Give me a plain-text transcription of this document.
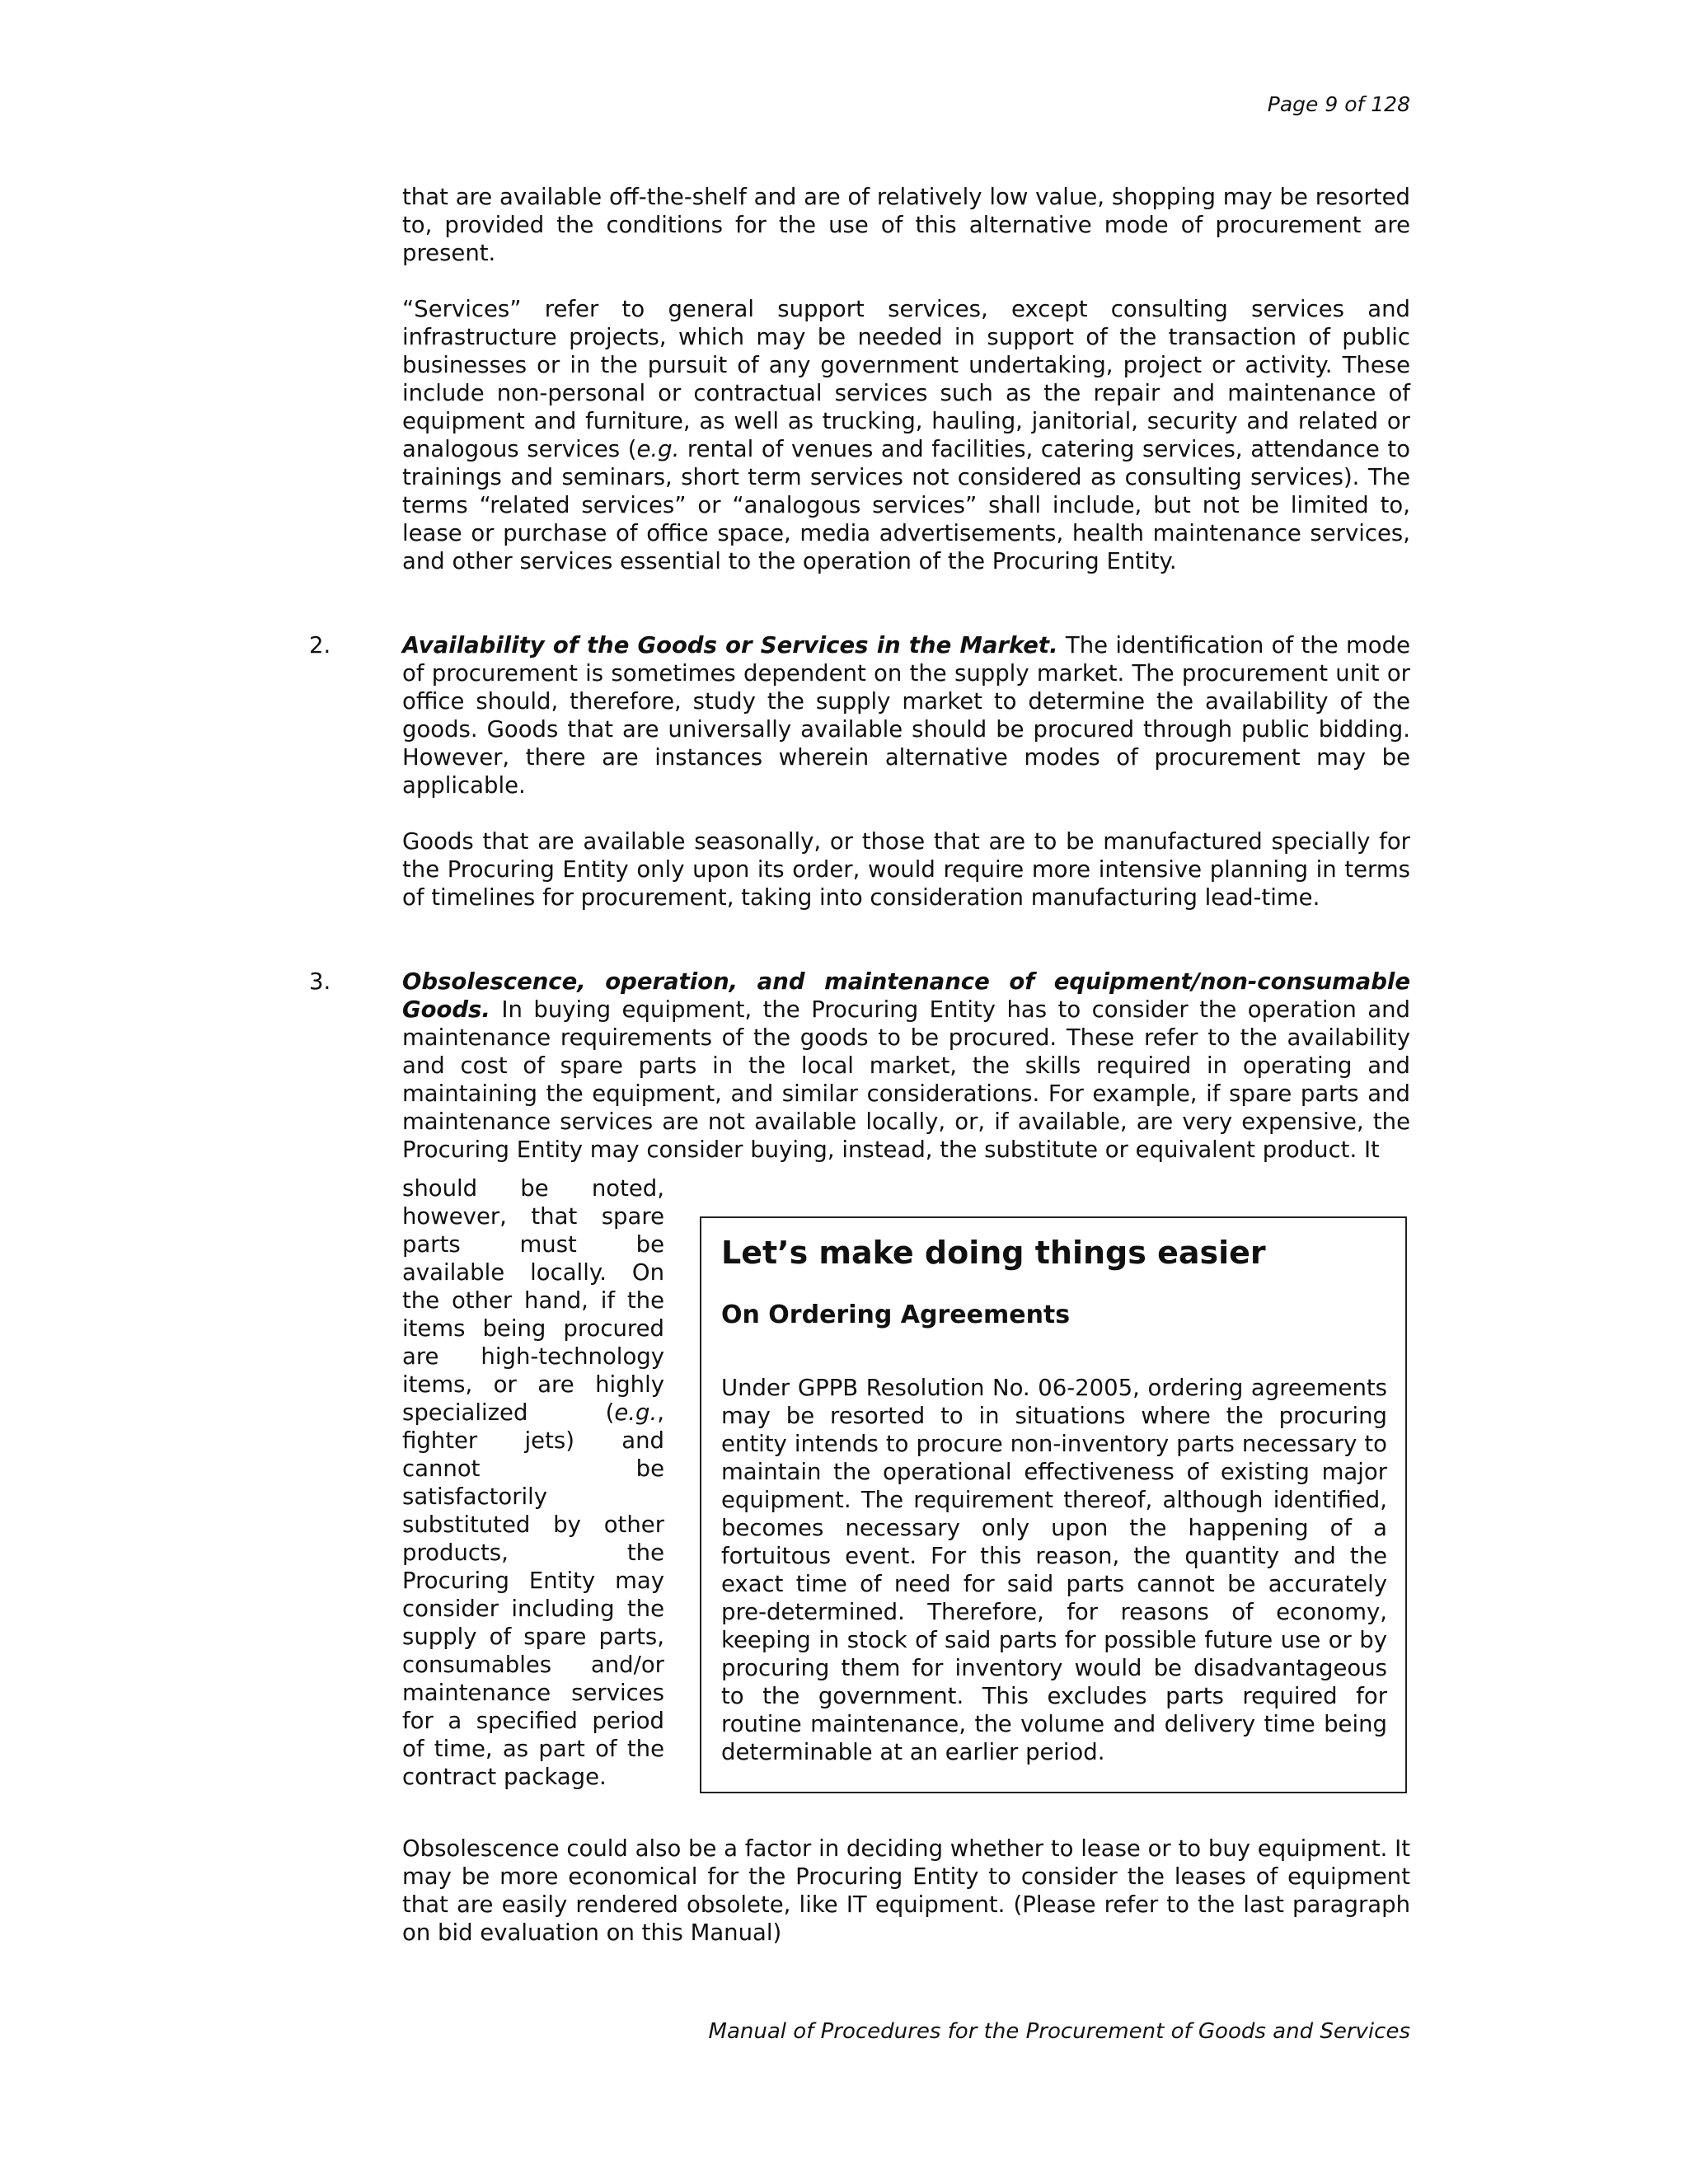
Page 9 of 128

that are available off-the-shelf and are of relatively low value, shopping may be resorted to, provided the conditions for the use of this alternative mode of procurement are present.

“Services” refer to general support services, except consulting services and infrastructure projects, which may be needed in support of the transaction of public businesses or in the pursuit of any government undertaking, project or activity. These include non-personal or contractual services such as the repair and maintenance of equipment and furniture, as well as trucking, hauling, janitorial, security and related or analogous services (e.g. rental of venues and facilities, catering services, attendance to trainings and seminars, short term services not considered as consulting services). The terms “related services” or “analogous services” shall include, but not be limited to, lease or purchase of office space, media advertisements, health maintenance services, and other services essential to the operation of the Procuring Entity.

2.	Availability of the Goods or Services in the Market. The identification of the mode of procurement is sometimes dependent on the supply market. The procurement unit or office should, therefore, study the supply market to determine the availability of the goods. Goods that are universally available should be procured through public bidding. However, there are instances wherein alternative modes of procurement may be applicable.

Goods that are available seasonally, or those that are to be manufactured specially for the Procuring Entity only upon its order, would require more intensive planning in terms of timelines for procurement, taking into consideration manufacturing lead-time.

3.	Obsolescence, operation, and maintenance of equipment/non-consumable Goods. In buying equipment, the Procuring Entity has to consider the operation and maintenance requirements of the goods to be procured. These refer to the availability and cost of spare parts in the local market, the skills required in operating and maintaining the equipment, and similar considerations. For example, if spare parts and maintenance services are not available locally, or, if available, are very expensive, the Procuring Entity may consider buying, instead, the substitute or equivalent product. It

should be noted, however, that spare parts must be available locally. On the other hand, if the items being procured are high-technology items, or are highly specialized (e.g., fighter jets) and cannot be satisfactorily substituted by other products, the Procuring Entity may consider including the supply of spare parts, consumables and/or maintenance services for a specified period of time, as part of the contract package.

Let’s make doing things easier
On Ordering Agreements

Under GPPB Resolution No. 06-2005, ordering agreements may be resorted to in situations where the procuring entity intends to procure non-inventory parts necessary to maintain the operational effectiveness of existing major equipment. The requirement thereof, although identified, becomes necessary only upon the happening of a fortuitous event. For this reason, the quantity and the exact time of need for said parts cannot be accurately pre-determined. Therefore, for reasons of economy, keeping in stock of said parts for possible future use or by procuring them for inventory would be disadvantageous to the government. This excludes parts required for routine maintenance, the volume and delivery time being determinable at an earlier period.

Obsolescence could also be a factor in deciding whether to lease or to buy equipment. It may be more economical for the Procuring Entity to consider the leases of equipment that are easily rendered obsolete, like IT equipment. (Please refer to the last paragraph on bid evaluation on this Manual)

Manual of Procedures for the Procurement of Goods and Services
